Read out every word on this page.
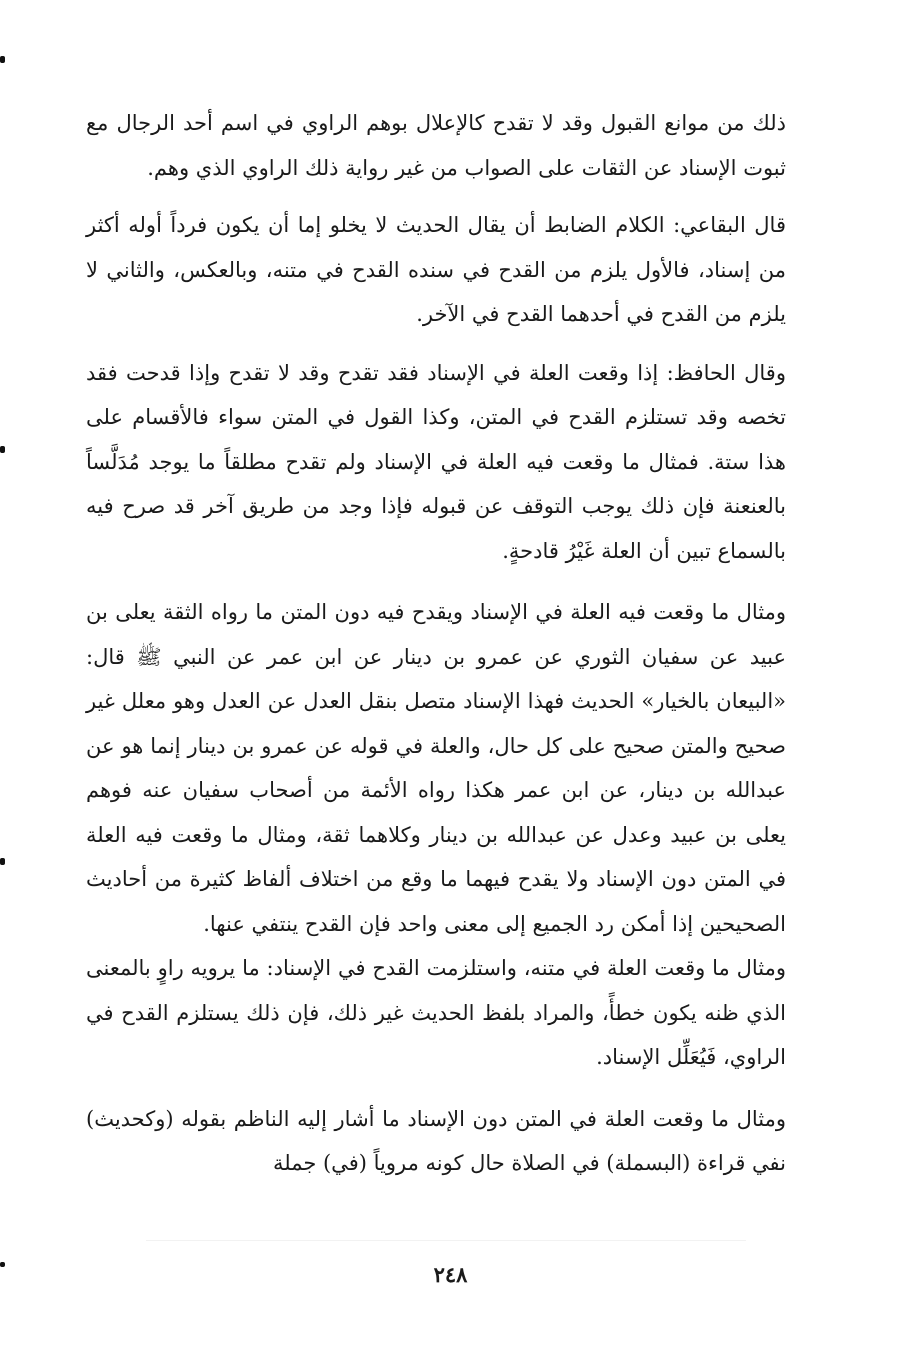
ذلك من موانع القبول وقد لا تقدح كالإعلال بوهم الراوي في اسم أحد الرجال مع ثبوت الإسناد عن الثقات على الصواب من غير رواية ذلك الراوي الذي وهم.

قال البقاعي: الكلام الضابط أن يقال الحديث لا يخلو إما أن يكون فرداً أوله أكثر من إسناد، فالأول يلزم من القدح في سنده القدح في متنه، وبالعكس، والثاني لا يلزم من القدح في أحدهما القدح في الآخر.

وقال الحافظ: إذا وقعت العلة في الإسناد فقد تقدح وقد لا تقدح وإذا قدحت فقد تخصه وقد تستلزم القدح في المتن، وكذا القول في المتن سواء فالأقسام على هذا ستة. فمثال ما وقعت فيه العلة في الإسناد ولم تقدح مطلقاً ما يوجد مُدَلَّساً بالعنعنة فإن ذلك يوجب التوقف عن قبوله فإذا وجد من طريق آخر قد صرح فيه بالسماع تبين أن العلة غَيْرُ قادحةٍ.

ومثال ما وقعت فيه العلة في الإسناد ويقدح فيه دون المتن ما رواه الثقة يعلى بن عبيد عن سفيان الثوري عن عمرو بن دينار عن ابن عمر عن النبي ﷺ قال: «البيعان بالخيار» الحديث فهذا الإسناد متصل بنقل العدل عن العدل وهو معلل غير صحيح والمتن صحيح على كل حال، والعلة في قوله عن عمرو بن دينار إنما هو عن عبدالله بن دينار، عن ابن عمر هكذا رواه الأئمة من أصحاب سفيان عنه فوهم يعلى بن عبيد وعدل عن عبدالله بن دينار وكلاهما ثقة، ومثال ما وقعت فيه العلة في المتن دون الإسناد ولا يقدح فيهما ما وقع من اختلاف ألفاظ كثيرة من أحاديث الصحيحين إذا أمكن رد الجميع إلى معنى واحد فإن القدح ينتفي عنها.

ومثال ما وقعت العلة في متنه، واستلزمت القدح في الإسناد: ما يرويه راوٍ بالمعنى الذي ظنه يكون خطأً، والمراد بلفظ الحديث غير ذلك، فإن ذلك يستلزم القدح في الراوي، فَيُعَلِّل الإسناد.

ومثال ما وقعت العلة في المتن دون الإسناد ما أشار إليه الناظم بقوله (وكحديث) نفي قراءة (البسملة) في الصلاة حال كونه مروياً (في) جملة

٢٤٨
